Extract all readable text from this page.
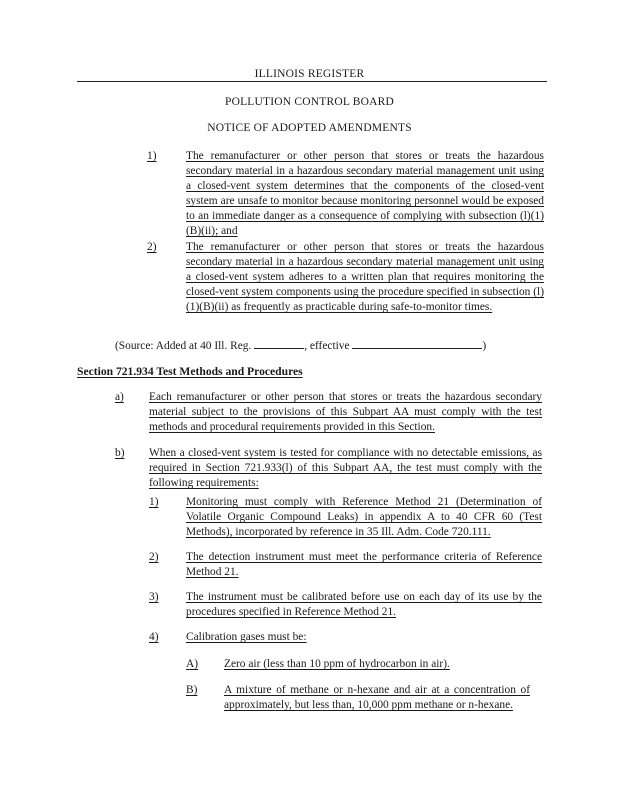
ILLINOIS REGISTER
POLLUTION CONTROL BOARD
NOTICE OF ADOPTED AMENDMENTS
1)	The remanufacturer or other person that stores or treats the hazardous secondary material in a hazardous secondary material management unit using a closed-vent system determines that the components of the closed-vent system are unsafe to monitor because monitoring personnel would be exposed to an immediate danger as a consequence of complying with subsection (l)(1)(B)(ii); and
2)	The remanufacturer or other person that stores or treats the hazardous secondary material in a hazardous secondary material management unit using a closed-vent system adheres to a written plan that requires monitoring the closed-vent system components using the procedure specified in subsection (l)(1)(B)(ii) as frequently as practicable during safe-to-monitor times.
(Source: Added at 40 Ill. Reg.	, effective	)
Section 721.934 Test Methods and Procedures
a) Each remanufacturer or other person that stores or treats the hazardous secondary material subject to the provisions of this Subpart AA must comply with the test methods and procedural requirements provided in this Section.
b) When a closed-vent system is tested for compliance with no detectable emissions, as required in Section 721.933(l) of this Subpart AA, the test must comply with the following requirements:
1) Monitoring must comply with Reference Method 21 (Determination of Volatile Organic Compound Leaks) in appendix A to 40 CFR 60 (Test Methods), incorporated by reference in 35 Ill. Adm. Code 720.111.
2) The detection instrument must meet the performance criteria of Reference Method 21.
3) The instrument must be calibrated before use on each day of its use by the procedures specified in Reference Method 21.
4) Calibration gases must be:
A) Zero air (less than 10 ppm of hydrocarbon in air).
B) A mixture of methane or n-hexane and air at a concentration of approximately, but less than, 10,000 ppm methane or n-hexane.
